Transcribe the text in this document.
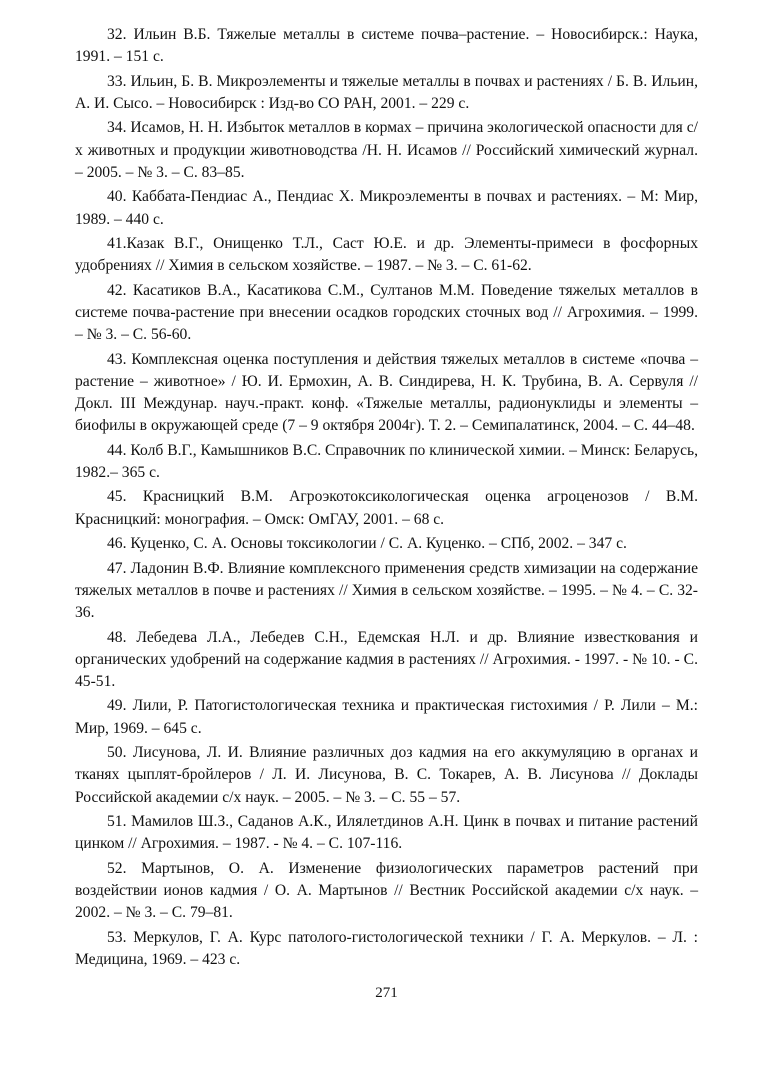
32. Ильин В.Б. Тяжелые металлы в системе почва–растение. – Новосибирск.: Наука, 1991. – 151 с.

33. Ильин, Б. В. Микроэлементы и тяжелые металлы в почвах и растениях / Б. В. Ильин, А. И. Сысо. – Новосибирск : Изд-во СО РАН, 2001. – 229 с.

34. Исамов, Н. Н. Избыток металлов в кормах – причина экологической опасности для с/х животных и продукции животноводства /Н. Н. Исамов // Российский химический журнал. – 2005. – № 3. – С. 83–85.

40. Каббата-Пендиас А., Пендиас Х. Микроэлементы в почвах и растениях. – М: Мир, 1989. – 440 с.

41.Казак В.Г., Онищенко Т.Л., Саст Ю.Е. и др. Элементы-примеси в фосфорных удобрениях // Химия в сельском хозяйстве. – 1987. – № 3. – С. 61-62.

42. Касатиков В.А., Касатикова С.М., Султанов М.М. Поведение тяжелых металлов в системе почва-растение при внесении осадков городских сточных вод // Агрохимия. – 1999. – № 3. – С. 56-60.

43. Комплексная оценка поступления и действия тяжелых металлов в системе «почва – растение – животное» / Ю. И. Ермохин, А. В. Синдирева, Н. К. Трубина, В. А. Сервуля // Докл. III Междунар. науч.-практ. конф. «Тяжелые металлы, радионуклиды и элементы – биофилы в окружающей среде (7 – 9 октября 2004г). Т. 2. – Семипалатинск, 2004. – С. 44–48.

44. Колб В.Г., Камышников В.С. Справочник по клинической химии. – Минск: Беларусь, 1982.– 365 с.

45. Красницкий В.М. Агроэкотоксикологическая оценка агроценозов / В.М. Красницкий: монография. – Омск: ОмГАУ, 2001. – 68 с.

46. Куценко, С. А. Основы токсикологии / С. А. Куценко. – СПб, 2002. – 347 с.

47. Ладонин В.Ф. Влияние комплексного применения средств химизации на содержание тяжелых металлов в почве и растениях // Химия в сельском хозяйстве. – 1995. – № 4. – С. 32-36.

48. Лебедева Л.А., Лебедев С.Н., Едемская Н.Л. и др. Влияние известкования и органических удобрений на содержание кадмия в растениях // Агрохимия. - 1997. - № 10. - С. 45-51.

49. Лили, Р. Патогистологическая техника и практическая гистохимия / Р. Лили – М.: Мир, 1969. – 645 с.

50. Лисунова, Л. И. Влияние различных доз кадмия на его аккумуляцию в органах и тканях цыплят-бройлеров / Л. И. Лисунова, В. С. Токарев, А. В. Лисунова // Доклады Российской академии с/х наук. – 2005. – № 3. – С. 55 – 57.

51. Мамилов Ш.З., Саданов А.К., Илялетдинов А.Н. Цинк в почвах и питание растений цинком // Агрохимия. – 1987. - № 4. – С. 107-116.

52. Мартынов, О. А. Изменение физиологических параметров растений при воздействии ионов кадмия / О. А. Мартынов // Вестник Российской академии с/х наук. – 2002. – № 3. – С. 79–81.

53. Меркулов, Г. А. Курс патолого-гистологической техники / Г. А. Меркулов. – Л. : Медицина, 1969. – 423 с.

271
